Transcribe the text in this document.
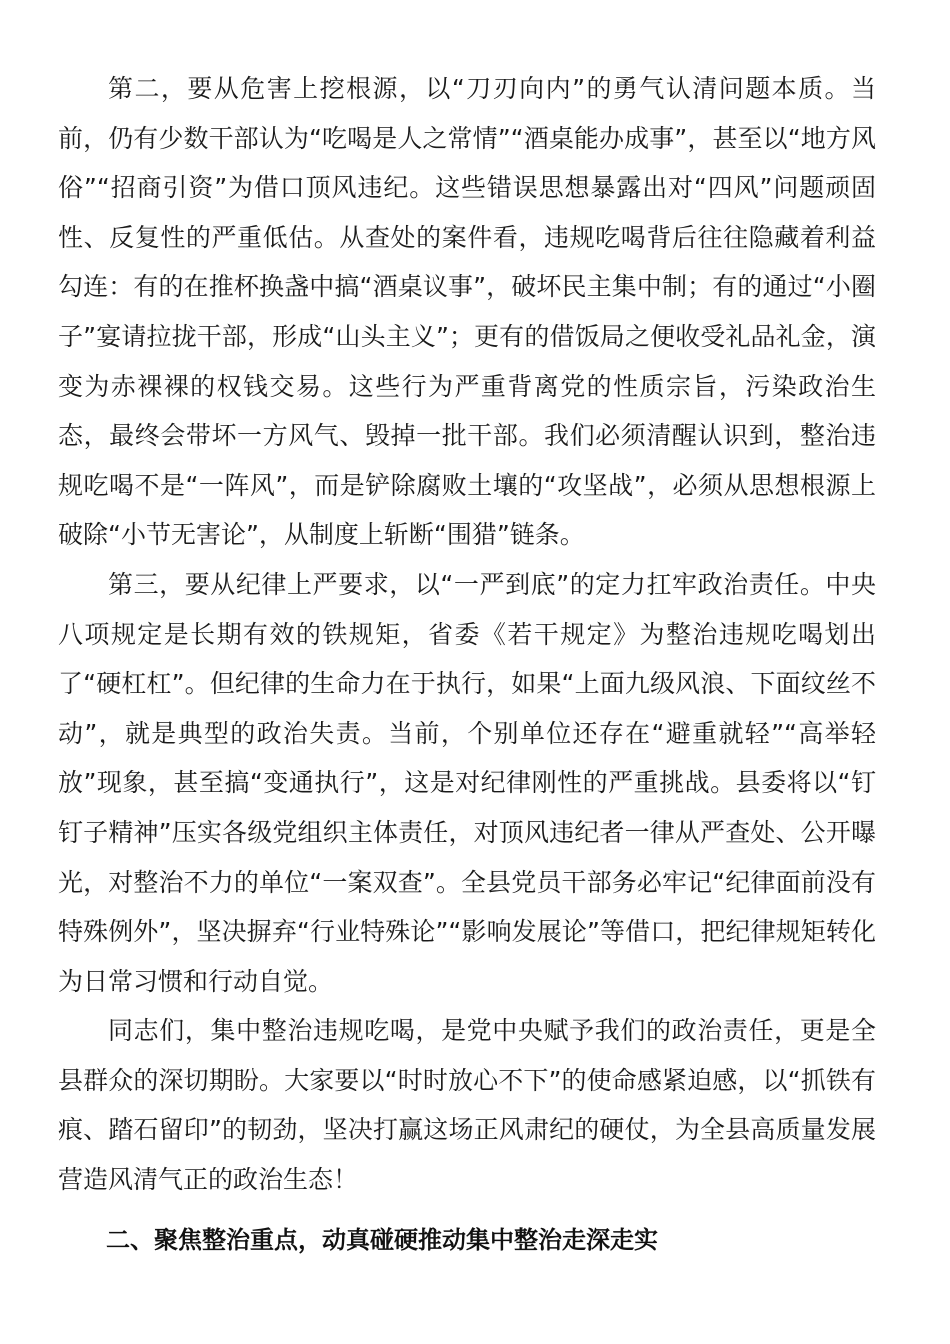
第二，要从危害上挖根源，以“刀刃向内”的勇气认清问题本质。当前，仍有少数干部认为“吃喝是人之常情”“酒桌能办成事”，甚至以“地方风俗”“招商引资”为借口顶风违纪。这些错误思想暴露出对“四风”问题顽固性、反复性的严重低估。从查处的案件看，违规吃喝背后往往隐藏着利益勾连：有的在推杯换盏中搞“酒桌议事”，破坏民主集中制；有的通过“小圈子”宴请拉拢干部，形成“山头主义”；更有的借饭局之便收受礼品礼金，演变为赤裸裸的权钱交易。这些行为严重背离党的性质宗旨，污染政治生态，最终会带坏一方风气、毁掉一批干部。我们必须清醒认识到，整治违规吃喝不是“一阵风”，而是铲除腐败土壤的“攻坚战”，必须从思想根源上破除“小节无害论”，从制度上斩断“围猎”链条。

第三，要从纪律上严要求，以“一严到底”的定力扛牢政治责任。中央八项规定是长期有效的铁规矩，省委《若干规定》为整治违规吃喝划出了“硬杠杠”。但纪律的生命力在于执行，如果“上面九级风浪、下面纹丝不动”，就是典型的政治失责。当前，个别单位还存在“避重就轻”“高举轻放”现象，甚至搞“变通执行”，这是对纪律刚性的严重挑战。县委将以“钉钉子精神”压实各级党组织主体责任，对顶风违纪者一律从严查处、公开曝光，对整治不力的单位“一案双查”。全县党员干部务必牢记“纪律面前没有特殊例外”，坚决摒弃“行业特殊论”“影响发展论”等借口，把纪律规矩转化为日常习惯和行动自觉。

同志们，集中整治违规吃喝，是党中央赋予我们的政治责任，更是全县群众的深切期盼。大家要以“时时放心不下”的使命感紧迫感，以“抓铁有痕、踏石留印”的韧劲，坚决打赢这场正风肃纪的硬仗，为全县高质量发展营造风清气正的政治生态！

二、聚焦整治重点，动真碰硬推动集中整治走深走实
